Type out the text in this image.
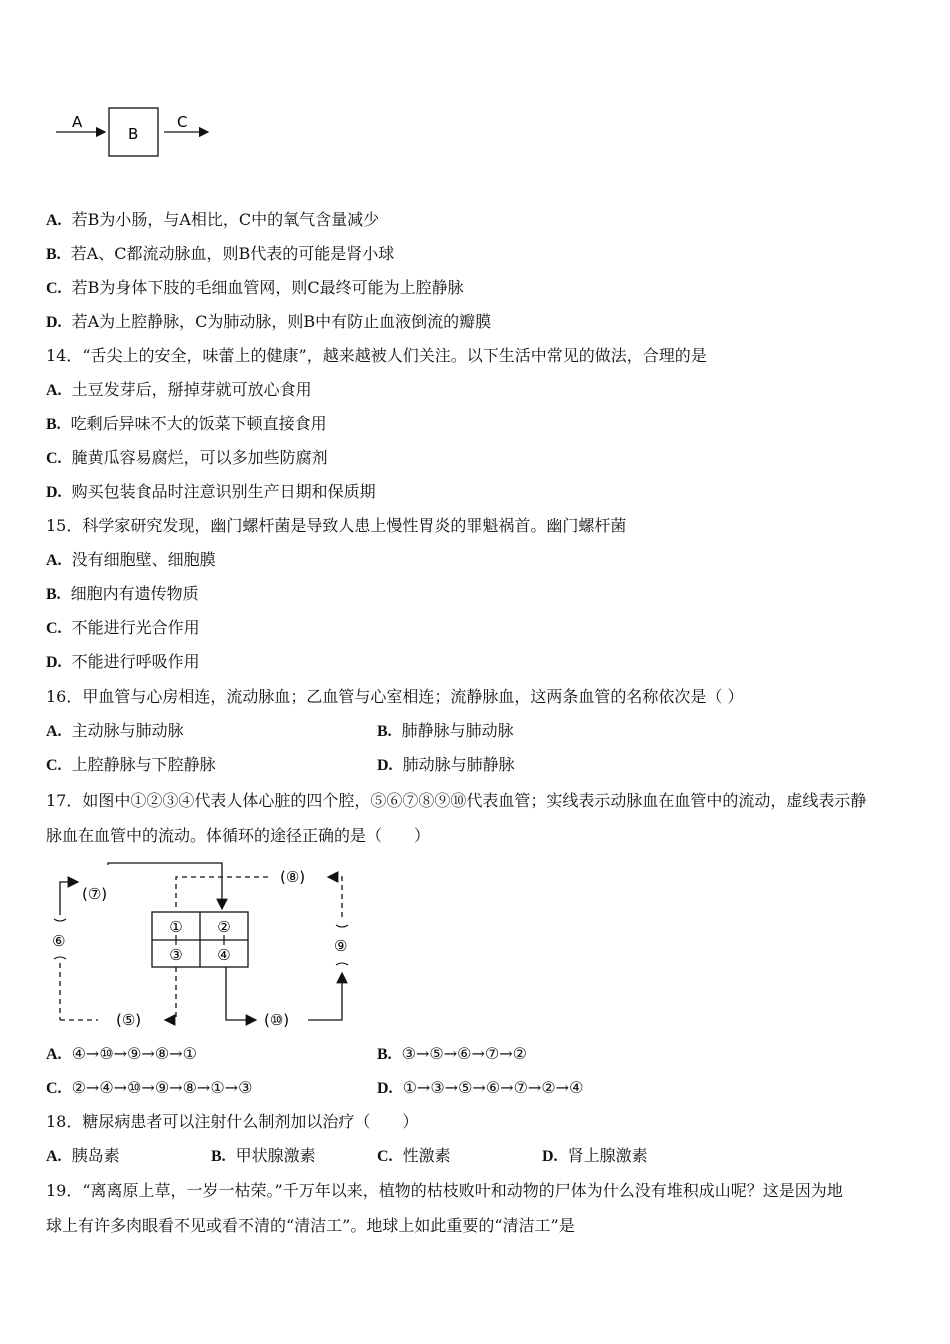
A
B
C
A. 若B为小肠，与A相比，C中的氧气含量减少
B. 若A、C都流动脉血，则B代表的可能是肾小球
C. 若B为身体下肢的毛细血管网，则C最终可能为上腔静脉
D. 若A为上腔静脉，C为肺动脉，则B中有防止血液倒流的瓣膜
14．“舌尖上的安全，味蕾上的健康”，越来越被人们关注。以下生活中常见的做法，合理的是
A. 土豆发芽后，掰掉芽就可放心食用
B. 吃剩后异味不大的饭菜下顿直接食用
C. 腌黄瓜容易腐烂，可以多加些防腐剂
D. 购买包装食品时注意识别生产日期和保质期
15．科学家研究发现，幽门螺杆菌是导致人患上慢性胃炎的罪魁祸首。幽门螺杆菌
A. 没有细胞壁、细胞膜
B. 细胞内有遗传物质
C. 不能进行光合作用
D. 不能进行呼吸作用
16．甲血管与心房相连，流动脉血；乙血管与心室相连；流静脉血，这两条血管的名称依次是（ ）
A. 主动脉与肺动脉	B. 肺静脉与肺动脉
C. 上腔静脉与下腔静脉	D. 肺动脉与肺静脉
17．如图中①②③④代表人体心脏的四个腔，⑤⑥⑦⑧⑨⑩代表血管；实线表示动脉血在血管中的流动，虚线表示静
脉血在血管中的流动。体循环的途径正确的是（　　）
① ②
③ ④
(⑦)
⑥
(⑤)
(⑧)
⑨
(⑩)
A. ④→⑩→⑨→⑧→①	B. ③→⑤→⑥→⑦→②
C. ②→④→⑩→⑨→⑧→①→③	D. ①→③→⑤→⑥→⑦→②→④
18．糖尿病患者可以注射什么制剂加以治疗（　　）
A. 胰岛素	B. 甲状腺激素	C. 性激素	D. 肾上腺激素
19．“离离原上草，一岁一枯荣。”千万年以来，植物的枯枝败叶和动物的尸体为什么没有堆积成山呢？这是因为地
球上有许多肉眼看不见或看不清的“清洁工”。地球上如此重要的“清洁工”是
